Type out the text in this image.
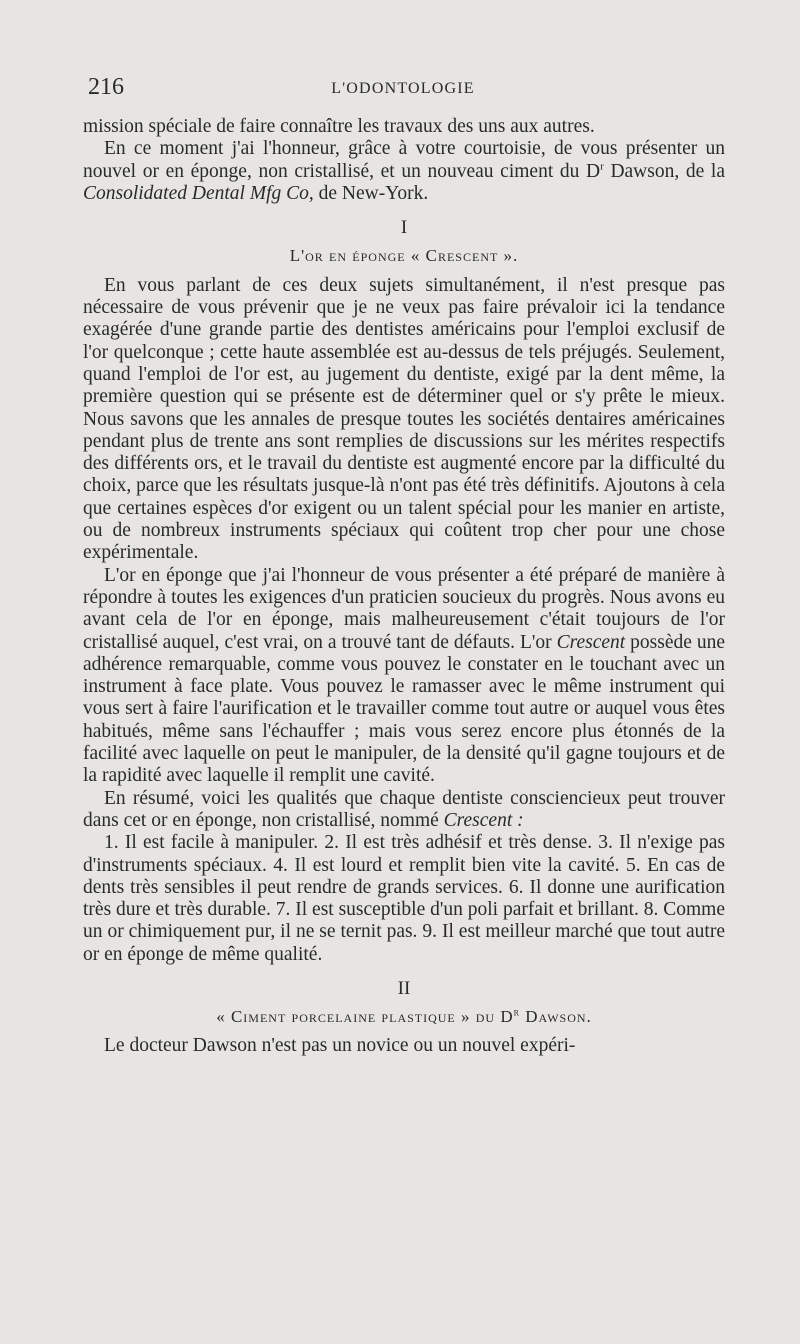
216	L'ODONTOLOGIE

mission spéciale de faire connaître les travaux des uns aux autres.

En ce moment j'ai l'honneur, grâce à votre courtoisie, de vous présenter un nouvel or en éponge, non cristallisé, et un nouveau ciment du $D^r$ Dawson, de la Consolidated Dental Mfg Co, de New-York.

I

L'or en éponge « Crescent ».

En vous parlant de ces deux sujets simultanément, il n'est presque pas nécessaire de vous prévenir que je ne veux pas faire prévaloir ici la tendance exagérée d'une grande partie des dentistes américains pour l'emploi exclusif de l'or quelconque ; cette haute assemblée est au-dessus de tels préjugés. Seulement, quand l'emploi de l'or est, au jugement du dentiste, exigé par la dent même, la première question qui se présente est de déterminer quel or s'y prête le mieux. Nous savons que les annales de presque toutes les sociétés dentaires américaines pendant plus de trente ans sont remplies de discussions sur les mérites respectifs des différents ors, et le travail du dentiste est augmenté encore par la difficulté du choix, parce que les résultats jusque-là n'ont pas été très définitifs. Ajoutons à cela que certaines espèces d'or exigent ou un talent spécial pour les manier en artiste, ou de nombreux instruments spéciaux qui coûtent trop cher pour une chose expérimentale.

L'or en éponge que j'ai l'honneur de vous présenter a été préparé de manière à répondre à toutes les exigences d'un praticien soucieux du progrès. Nous avons eu avant cela de l'or en éponge, mais malheureusement c'était toujours de l'or cristallisé auquel, c'est vrai, on a trouvé tant de défauts. L'or Crescent possède une adhérence remarquable, comme vous pouvez le constater en le touchant avec un instrument à face plate. Vous pouvez le ramasser avec le même instrument qui vous sert à faire l'aurification et le travailler comme tout autre or auquel vous êtes habitués, même sans l'échauffer ; mais vous serez encore plus étonnés de la facilité avec laquelle on peut le manipuler, de la densité qu'il gagne toujours et de la rapidité avec laquelle il remplit une cavité.

En résumé, voici les qualités que chaque dentiste consciencieux peut trouver dans cet or en éponge, non cristallisé, nommé Crescent :

1. Il est facile à manipuler. 2. Il est très adhésif et très dense. 3. Il n'exige pas d'instruments spéciaux. 4. Il est lourd et remplit bien vite la cavité. 5. En cas de dents très sensibles il peut rendre de grands services. 6. Il donne une aurification très dure et très durable. 7. Il est susceptible d'un poli parfait et brillant. 8. Comme un or chimiquement pur, il ne se ternit pas. 9. Il est meilleur marché que tout autre or en éponge de même qualité.

II

« Ciment porcelaine plastique » du $D^r$ Dawson.

Le docteur Dawson n'est pas un novice ou un nouvel expéri-
